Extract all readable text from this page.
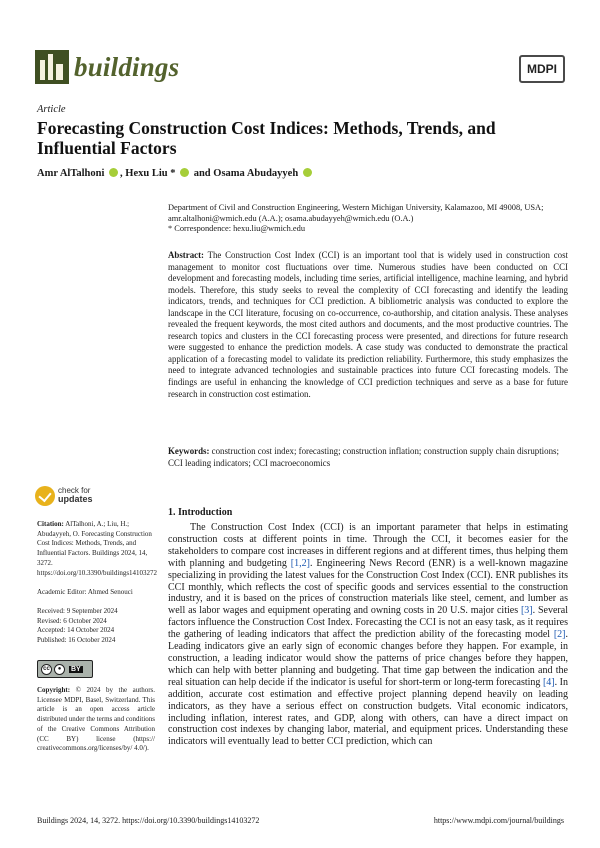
buildings	MDPI
Article
Forecasting Construction Cost Indices: Methods, Trends, and Influential Factors
Amr AlTalhoni , Hexu Liu * and Osama Abudayyeh
Department of Civil and Construction Engineering, Western Michigan University, Kalamazoo, MI 49008, USA;
amr.altalhoni@wmich.edu (A.A.); osama.abudayyeh@wmich.edu (O.A.)
* Correspondence: hexu.liu@wmich.edu
Abstract: The Construction Cost Index (CCI) is an important tool that is widely used in construction cost management to monitor cost fluctuations over time. Numerous studies have been conducted on CCI development and forecasting models, including time series, artificial intelligence, machine learning, and hybrid models. Therefore, this study seeks to reveal the complexity of CCI forecasting and identify the leading indicators, trends, and techniques for CCI prediction. A bibliometric analysis was conducted to explore the landscape in the CCI literature, focusing on co-occurrence, co-authorship, and citation analysis. These analyses revealed the frequent keywords, the most cited authors and documents, and the most productive countries. The research topics and clusters in the CCI forecasting process were presented, and directions for future research were suggested to enhance the prediction models. A case study was conducted to demonstrate the practical application of a forecasting model to validate its prediction reliability. Furthermore, this study emphasizes the need to integrate advanced technologies and sustainable practices into future CCI forecasting models. The findings are useful in enhancing the knowledge of CCI prediction techniques and serve as a base for future research in construction cost estimation.
Keywords: construction cost index; forecasting; construction inflation; construction supply chain disruptions; CCI leading indicators; CCI macroeconomics
check for
updates
Citation: AlTalhoni, A.; Liu, H.; Abudayyeh, O. Forecasting Construction Cost Indices: Methods, Trends, and Influential Factors. Buildings 2024, 14, 3272. https://doi.org/10.3390/buildings14103272
Academic Editor: Ahmed Senouci
Received: 9 September 2024
Revised: 6 October 2024
Accepted: 14 October 2024
Published: 16 October 2024
cc	●	BY
Copyright: © 2024 by the authors. Licensee MDPI, Basel, Switzerland. This article is an open access article distributed under the terms and conditions of the Creative Commons Attribution (CC BY) license (https:// creativecommons.org/licenses/by/ 4.0/).
1. Introduction

The Construction Cost Index (CCI) is an important parameter that helps in estimating construction costs at different points in time. Through the CCI, it becomes easier for the stakeholders to compare cost increases in different regions and at different times, thus helping them with planning and budgeting [1,2]. Engineering News Record (ENR) is a well-known magazine specializing in providing the latest values for the Construction Cost Index (CCI). ENR publishes its CCI monthly, which reflects the cost of specific goods and services essential to the construction industry, and it is based on the prices of construction materials like steel, cement, and lumber as well as labor wages and equipment operating and owning costs in 20 U.S. major cities [3]. Several factors influence the Construction Cost Index. Forecasting the CCI is not an easy task, as it requires the gathering of leading indicators that affect the prediction ability of the forecasting model [2]. Leading indicators give an early sign of economic changes before they happen. For example, in construction, a leading indicator would show the patterns of price changes before they happen, which can help with better planning and budgeting. That time gap between the indication and the real situation can help decide if the indicator is useful for short-term or long-term forecasting [4]. In addition, accurate cost estimation and effective project planning depend heavily on leading indicators, as they have a serious effect on construction budgets. Vital economic indicators, including inflation, interest rates, and GDP, along with others, can have a direct impact on construction cost indexes by changing labor, material, and equipment prices. Understanding these indicators will eventually lead to better CCI prediction, which can

Buildings 2024, 14, 3272. https://doi.org/10.3390/buildings14103272	https://www.mdpi.com/journal/buildings
